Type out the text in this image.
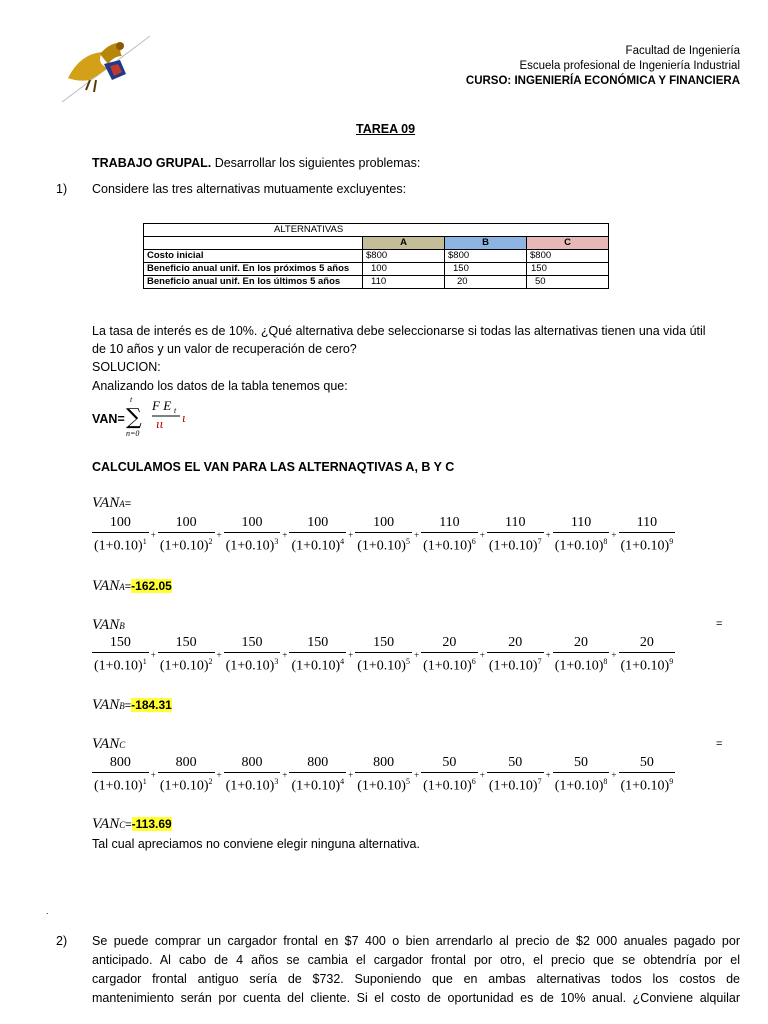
Facultad de Ingeniería
Escuela profesional de Ingeniería Industrial
CURSO: INGENIERÍA ECONÓMICA Y FINANCIERA
TAREA 09
TRABAJO GRUPAL. Desarrollar los siguientes problemas:
1) Considere las tres alternativas mutuamente excluyentes:
ALTERNATIVAS			
	A	B	C
Costo inicial	$800	$800	$800
Beneficio anual unif. En los próximos 5 años	100	150	150
Beneficio anual unif. En los últimos 5 años	110	20	50
La tasa de interés es de 10%. ¿Qué alternativa debe seleccionarse si todas las alternativas tienen una vida útil
de 10 años y un valor de recuperación de cero?
SOLUCION:
Analizando los datos de la tabla tenemos que:
VAN=
t
∑
n=0
F E t
ιι ι
CALCULAMOS EL VAN PARA LAS ALTERNAQTIVAS A, B Y C
VANA=
$\frac{100}{(1+0.10)^1} + \frac{100}{(1+0.10)^2} + \frac{100}{(1+0.10)^3} + \frac{100}{(1+0.10)^4} + \frac{100}{(1+0.10)^5} + \frac{110}{(1+0.10)^6} + \frac{110}{(1+0.10)^7} + \frac{110}{(1+0.10)^8} + \frac{110}{(1+0.10)^9}$
VANA=-162.05
VANB	=
$\frac{150}{(1+0.10)^1} + \frac{150}{(1+0.10)^2} + \frac{150}{(1+0.10)^3} + \frac{150}{(1+0.10)^4} + \frac{150}{(1+0.10)^5} + \frac{20}{(1+0.10)^6} + \frac{20}{(1+0.10)^7} + \frac{20}{(1+0.10)^8} + \frac{20}{(1+0.10)^9}$
VANB=-184.31
VANC	=
$\frac{800}{(1+0.10)^1} + \frac{800}{(1+0.10)^2} + \frac{800}{(1+0.10)^3} + \frac{800}{(1+0.10)^4} + \frac{800}{(1+0.10)^5} + \frac{50}{(1+0.10)^6} + \frac{50}{(1+0.10)^7} + \frac{50}{(1+0.10)^8} + \frac{50}{(1+0.10)^9}$
VANC=-113.69
Tal cual apreciamos no conviene elegir ninguna alternativa.
.
2) Se puede comprar un cargador frontal en $7 400 o bien arrendarlo al precio de $2 000 anuales pagado por
anticipado. Al cabo de 4 años se cambia el cargador frontal por otro, el precio que se obtendría por el
cargador frontal antiguo sería de $732. Suponiendo que en ambas alternativas todos los costos de
mantenimiento serán por cuenta del cliente. Si el costo de oportunidad es de 10% anual. ¿Conviene alquilar
